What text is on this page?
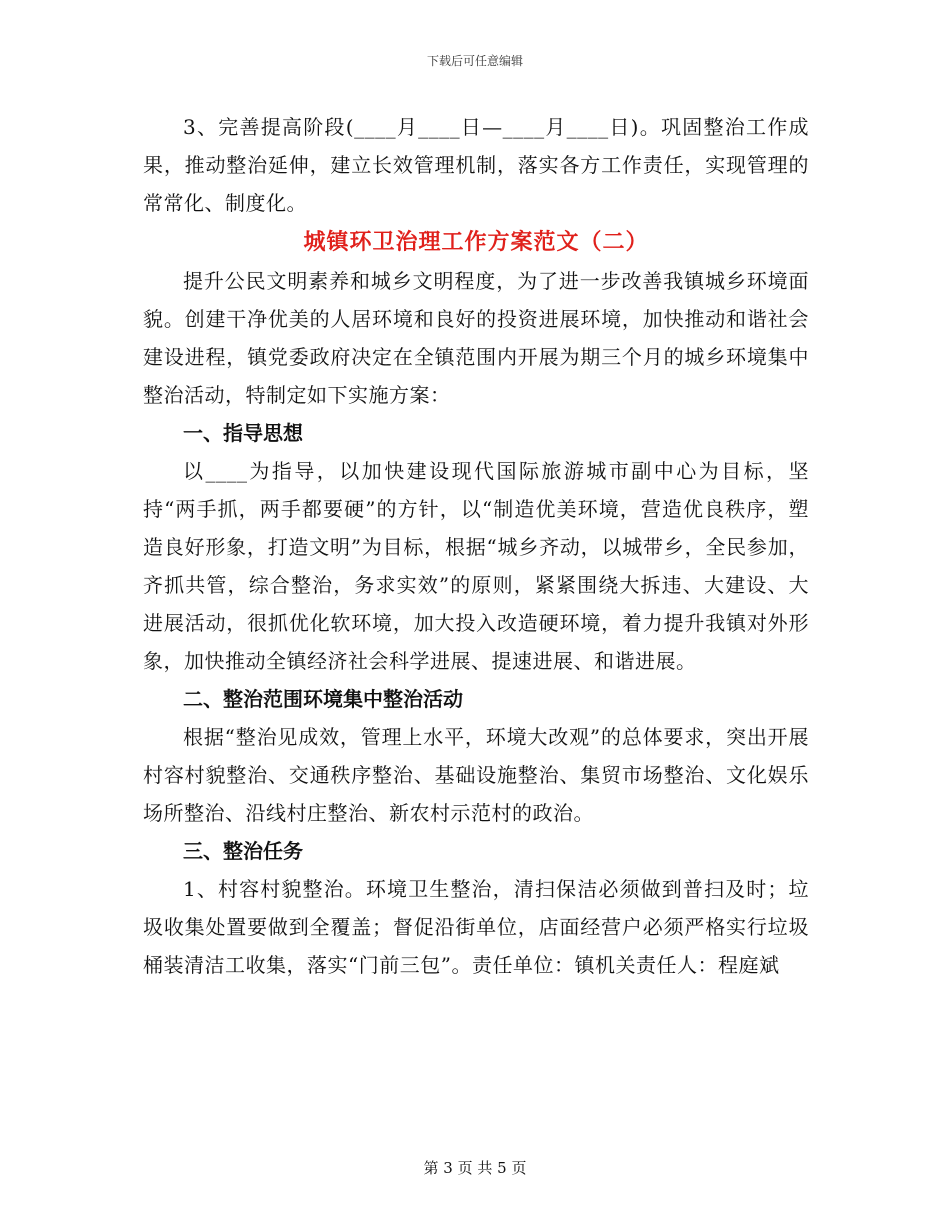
下载后可任意编辑

3、完善提高阶段(____月____日—____月____日)。巩固整治工作成果，推动整治延伸，建立长效管理机制，落实各方工作责任，实现管理的常常化、制度化。

城镇环卫治理工作方案范文（二）

提升公民文明素养和城乡文明程度，为了进一步改善我镇城乡环境面貌。创建干净优美的人居环境和良好的投资进展环境，加快推动和谐社会建设进程，镇党委政府决定在全镇范围内开展为期三个月的城乡环境集中整治活动，特制定如下实施方案：

一、指导思想

以____为指导，以加快建设现代国际旅游城市副中心为目标，坚持“两手抓，两手都要硬”的方针，以“制造优美环境，营造优良秩序，塑造良好形象，打造文明”为目标，根据“城乡齐动，以城带乡，全民参加，齐抓共管，综合整治，务求实效”的原则，紧紧围绕大拆违、大建设、大进展活动，很抓优化软环境，加大投入改造硬环境，着力提升我镇对外形象，加快推动全镇经济社会科学进展、提速进展、和谐进展。

二、整治范围环境集中整治活动

根据“整治见成效，管理上水平，环境大改观”的总体要求，突出开展村容村貌整治、交通秩序整治、基础设施整治、集贸市场整治、文化娱乐场所整治、沿线村庄整治、新农村示范村的政治。

三、整治任务

1、村容村貌整治。环境卫生整治，清扫保洁必须做到普扫及时；垃圾收集处置要做到全覆盖；督促沿街单位，店面经营户必须严格实行垃圾桶装清洁工收集，落实“门前三包”。责任单位：镇机关责任人：程庭斌

第 3 页 共 5 页
